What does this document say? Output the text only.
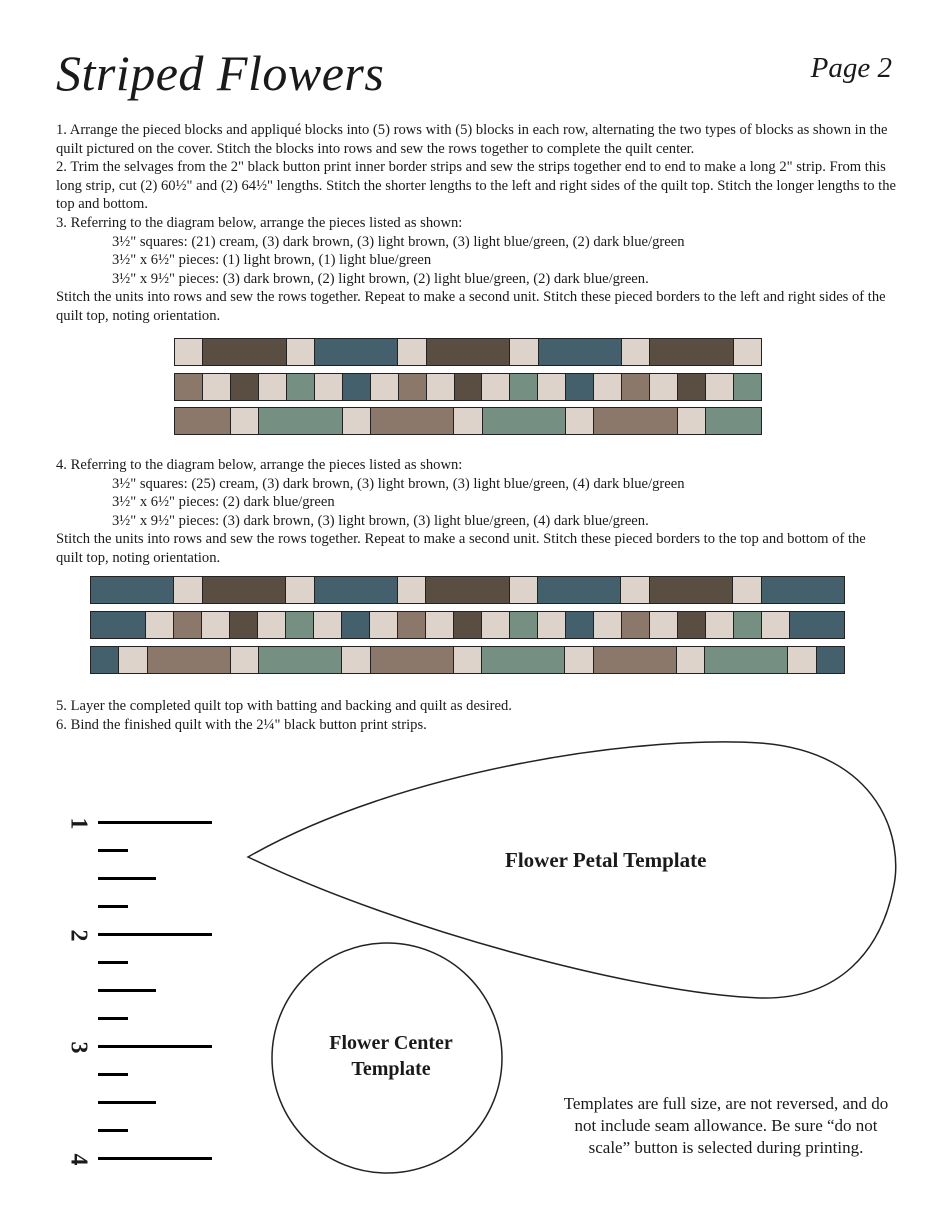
Striped Flowers	Page 2

1. Arrange the pieced blocks and appliqué blocks into (5) rows with (5) blocks in each row, alternating the two types of blocks as shown in the quilt pictured on the cover. Stitch the blocks into rows and sew the rows together to complete the quilt center.

2. Trim the selvages from the 2" black button print inner border strips and sew the strips together end to end to make a long 2" strip. From this long strip, cut (2) 60½" and (2) 64½" lengths. Stitch the shorter lengths to the left and right sides of the quilt top. Stitch the longer lengths to the top and bottom.

3. Referring to the diagram below, arrange the pieces listed as shown:

3½" squares: (21) cream, (3) dark brown, (3) light brown, (3) light blue/green, (2) dark blue/green

3½" x 6½" pieces: (1) light brown, (1) light blue/green

3½" x 9½" pieces: (3) dark brown, (2) light brown, (2) light blue/green, (2) dark blue/green.

Stitch the units into rows and sew the rows together. Repeat to make a second unit. Stitch these pieced borders to the left and right sides of the quilt top, noting orientation.

4. Referring to the diagram below, arrange the pieces listed as shown:

3½" squares: (25) cream, (3) dark brown, (3) light brown, (3) light blue/green, (4) dark blue/green

3½" x 6½" pieces: (2) dark blue/green

3½" x 9½" pieces: (3) dark brown, (3) light brown, (3) light blue/green, (4) dark blue/green.

Stitch the units into rows and sew the rows together. Repeat to make a second unit. Stitch these pieced borders to the top and bottom of the quilt top, noting orientation.

5. Layer the completed quilt top with batting and backing and quilt as desired.

6. Bind the finished quilt with the 2¼" black button print strips.

1
2
3
4
Flower Petal Template
Flower Center Template
Templates are full size, are not reversed, and do not include seam allowance. Be sure “do not scale” button is selected during printing.
